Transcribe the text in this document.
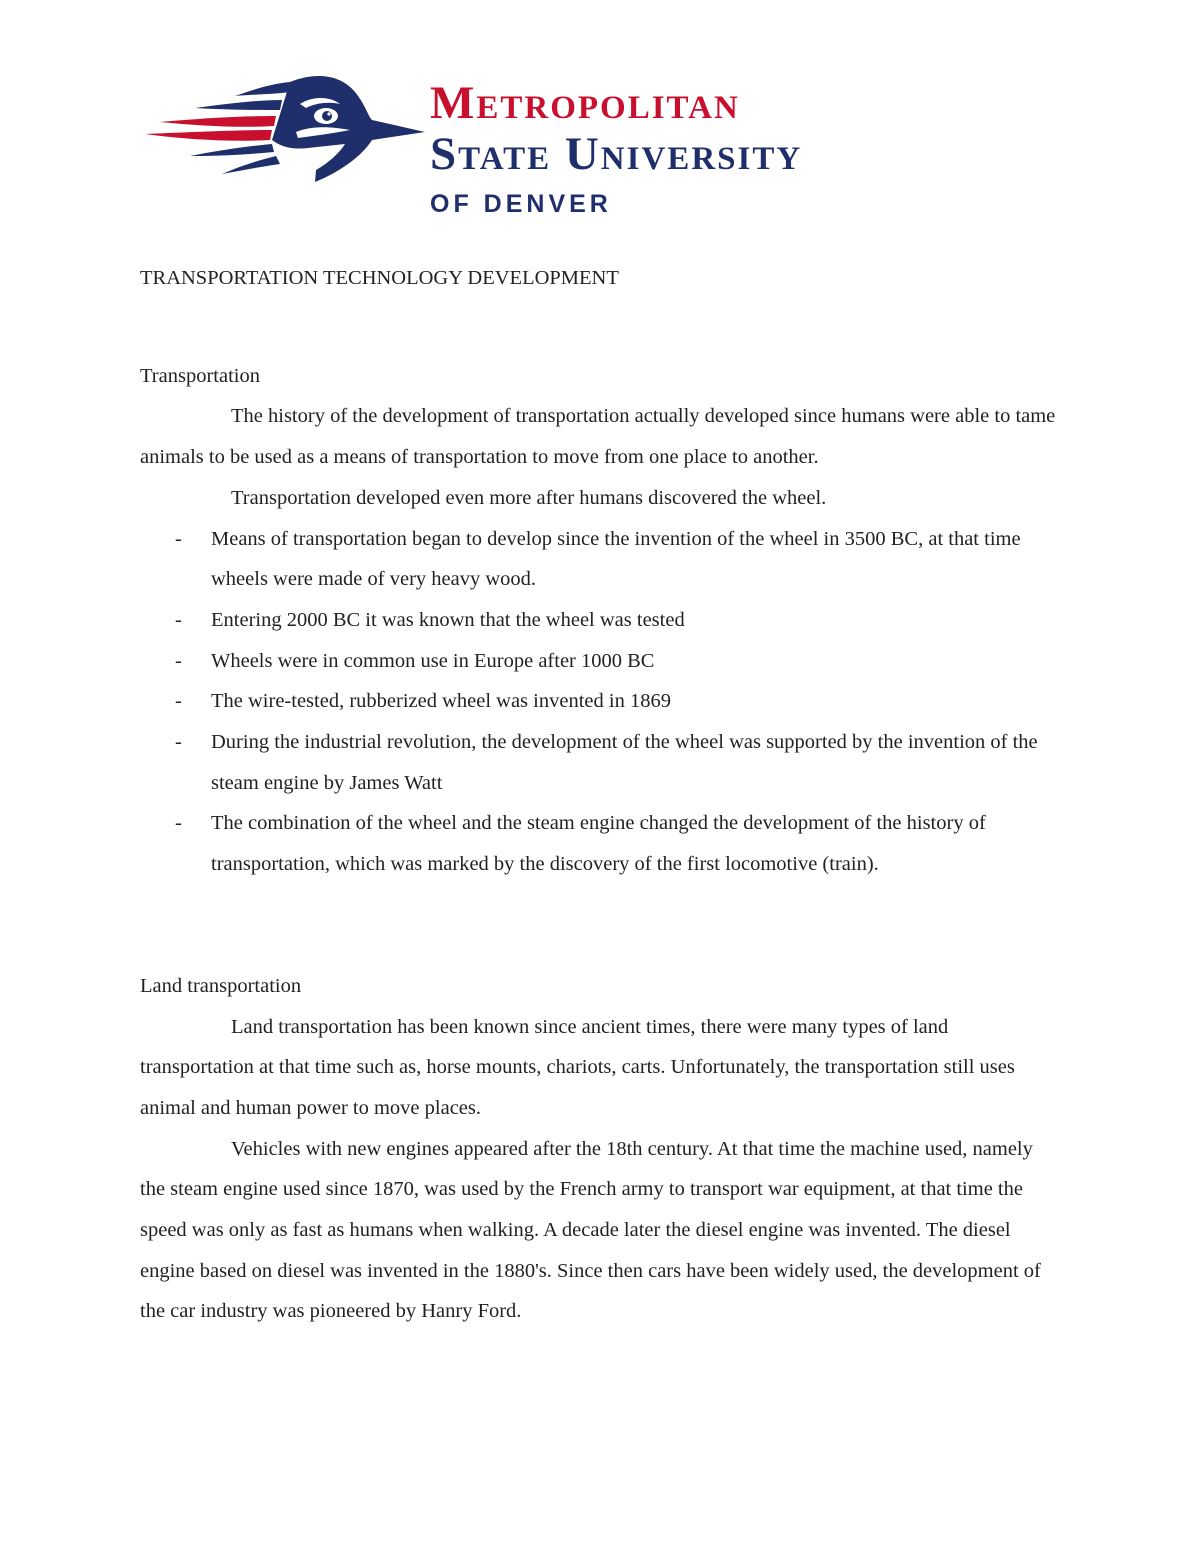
Metropolitan
State University
OF DENVER

TRANSPORTATION TECHNOLOGY DEVELOPMENT

Transportation

The history of the development of transportation actually developed since humans were able to tame animals to be used as a means of transportation to move from one place to another.

Transportation developed even more after humans discovered the wheel.

- Means of transportation began to develop since the invention of the wheel in 3500 BC, at that time wheels were made of very heavy wood.
- Entering 2000 BC it was known that the wheel was tested
- Wheels were in common use in Europe after 1000 BC
- The wire-tested, rubberized wheel was invented in 1869
- During the industrial revolution, the development of the wheel was supported by the invention of the steam engine by James Watt
- The combination of the wheel and the steam engine changed the development of the history of transportation, which was marked by the discovery of the first locomotive (train).

Land transportation

Land transportation has been known since ancient times, there were many types of land transportation at that time such as, horse mounts, chariots, carts. Unfortunately, the transportation still uses animal and human power to move places.

Vehicles with new engines appeared after the 18th century. At that time the machine used, namely the steam engine used since 1870, was used by the French army to transport war equipment, at that time the speed was only as fast as humans when walking. A decade later the diesel engine was invented. The diesel engine based on diesel was invented in the 1880's. Since then cars have been widely used, the development of the car industry was pioneered by Hanry Ford.
